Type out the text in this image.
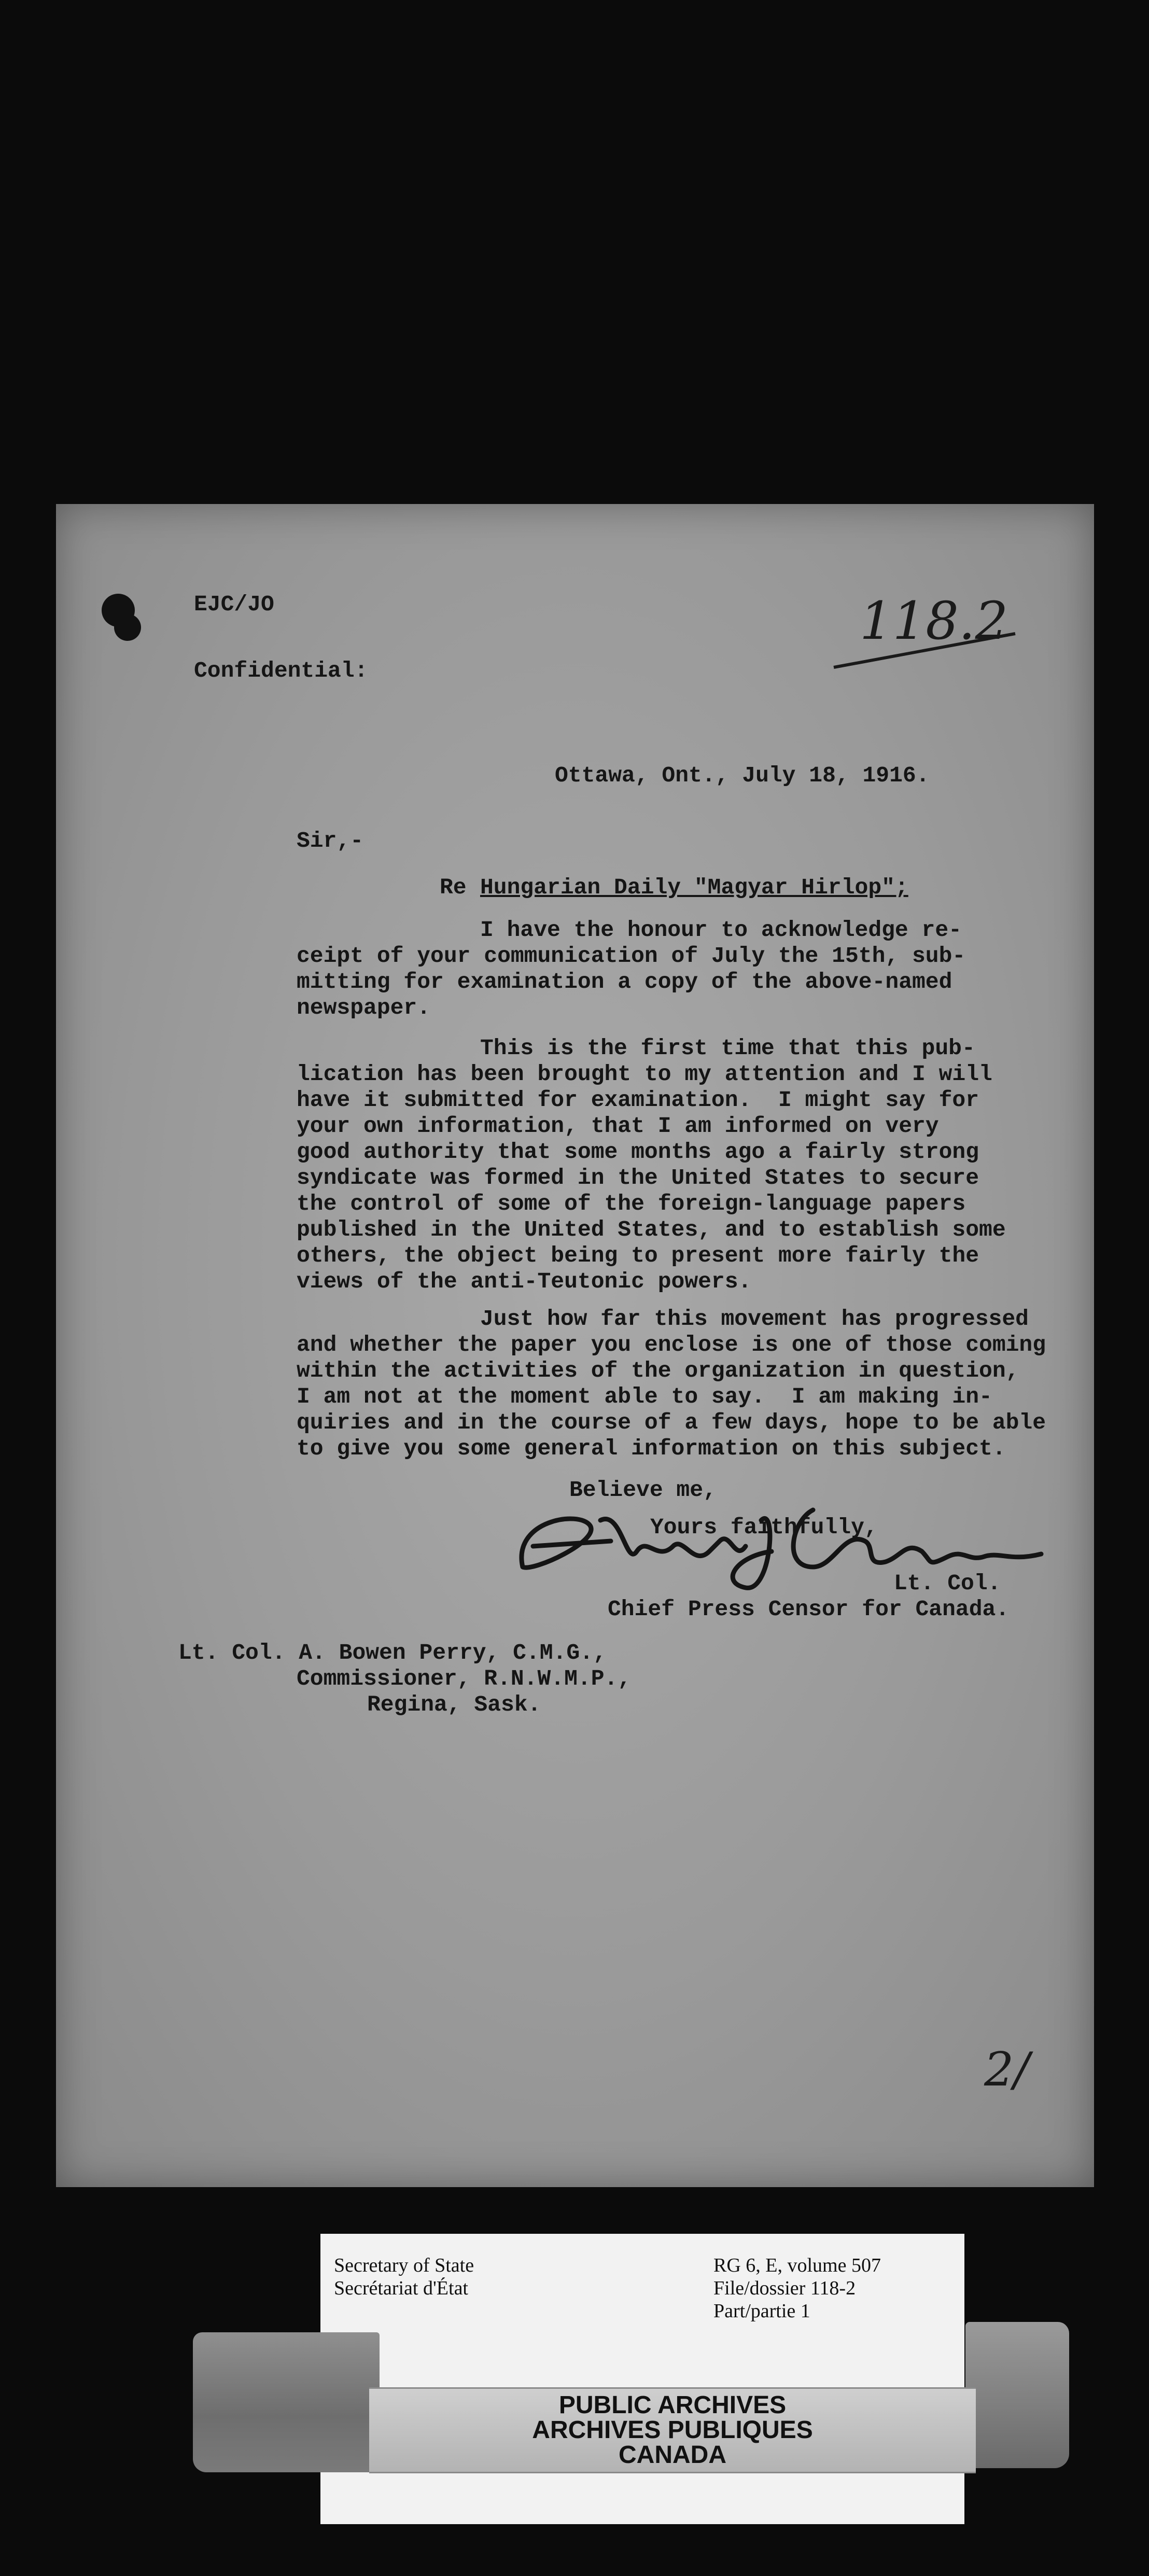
EJC/JO

Confidential:

118.2

Ottawa, Ont., July 18, 1916.

Sir,-

Re Hungarian Daily "Magyar Hirlop";

I have the honour to acknowledge re-

ceipt of your communication of July the 15th, sub-

mitting for examination a copy of the above-named

newspaper.

This is the first time that this pub-

lication has been brought to my attention and I will

have it submitted for examination.  I might say for

your own information, that I am informed on very

good authority that some months ago a fairly strong

syndicate was formed in the United States to secure

the control of some of the foreign-language papers

published in the United States, and to establish some

others, the object being to present more fairly the

views of the anti-Teutonic powers.

Just how far this movement has progressed

and whether the paper you enclose is one of those coming

within the activities of the organization in question,

I am not at the moment able to say.  I am making in-

quiries and in the course of a few days, hope to be able

to give you some general information on this subject.

Believe me,

Yours faithfully,

Lt. Col.

Chief Press Censor for Canada.

Lt. Col. A. Bowen Perry, C.M.G.,

Commissioner, R.N.W.M.P.,

Regina, Sask.

2/

Secretary of State

Secrétariat d'État

RG 6, E, volume 507

File/dossier 118-2

Part/partie 1

PUBLIC ARCHIVES

ARCHIVES PUBLIQUES

CANADA
